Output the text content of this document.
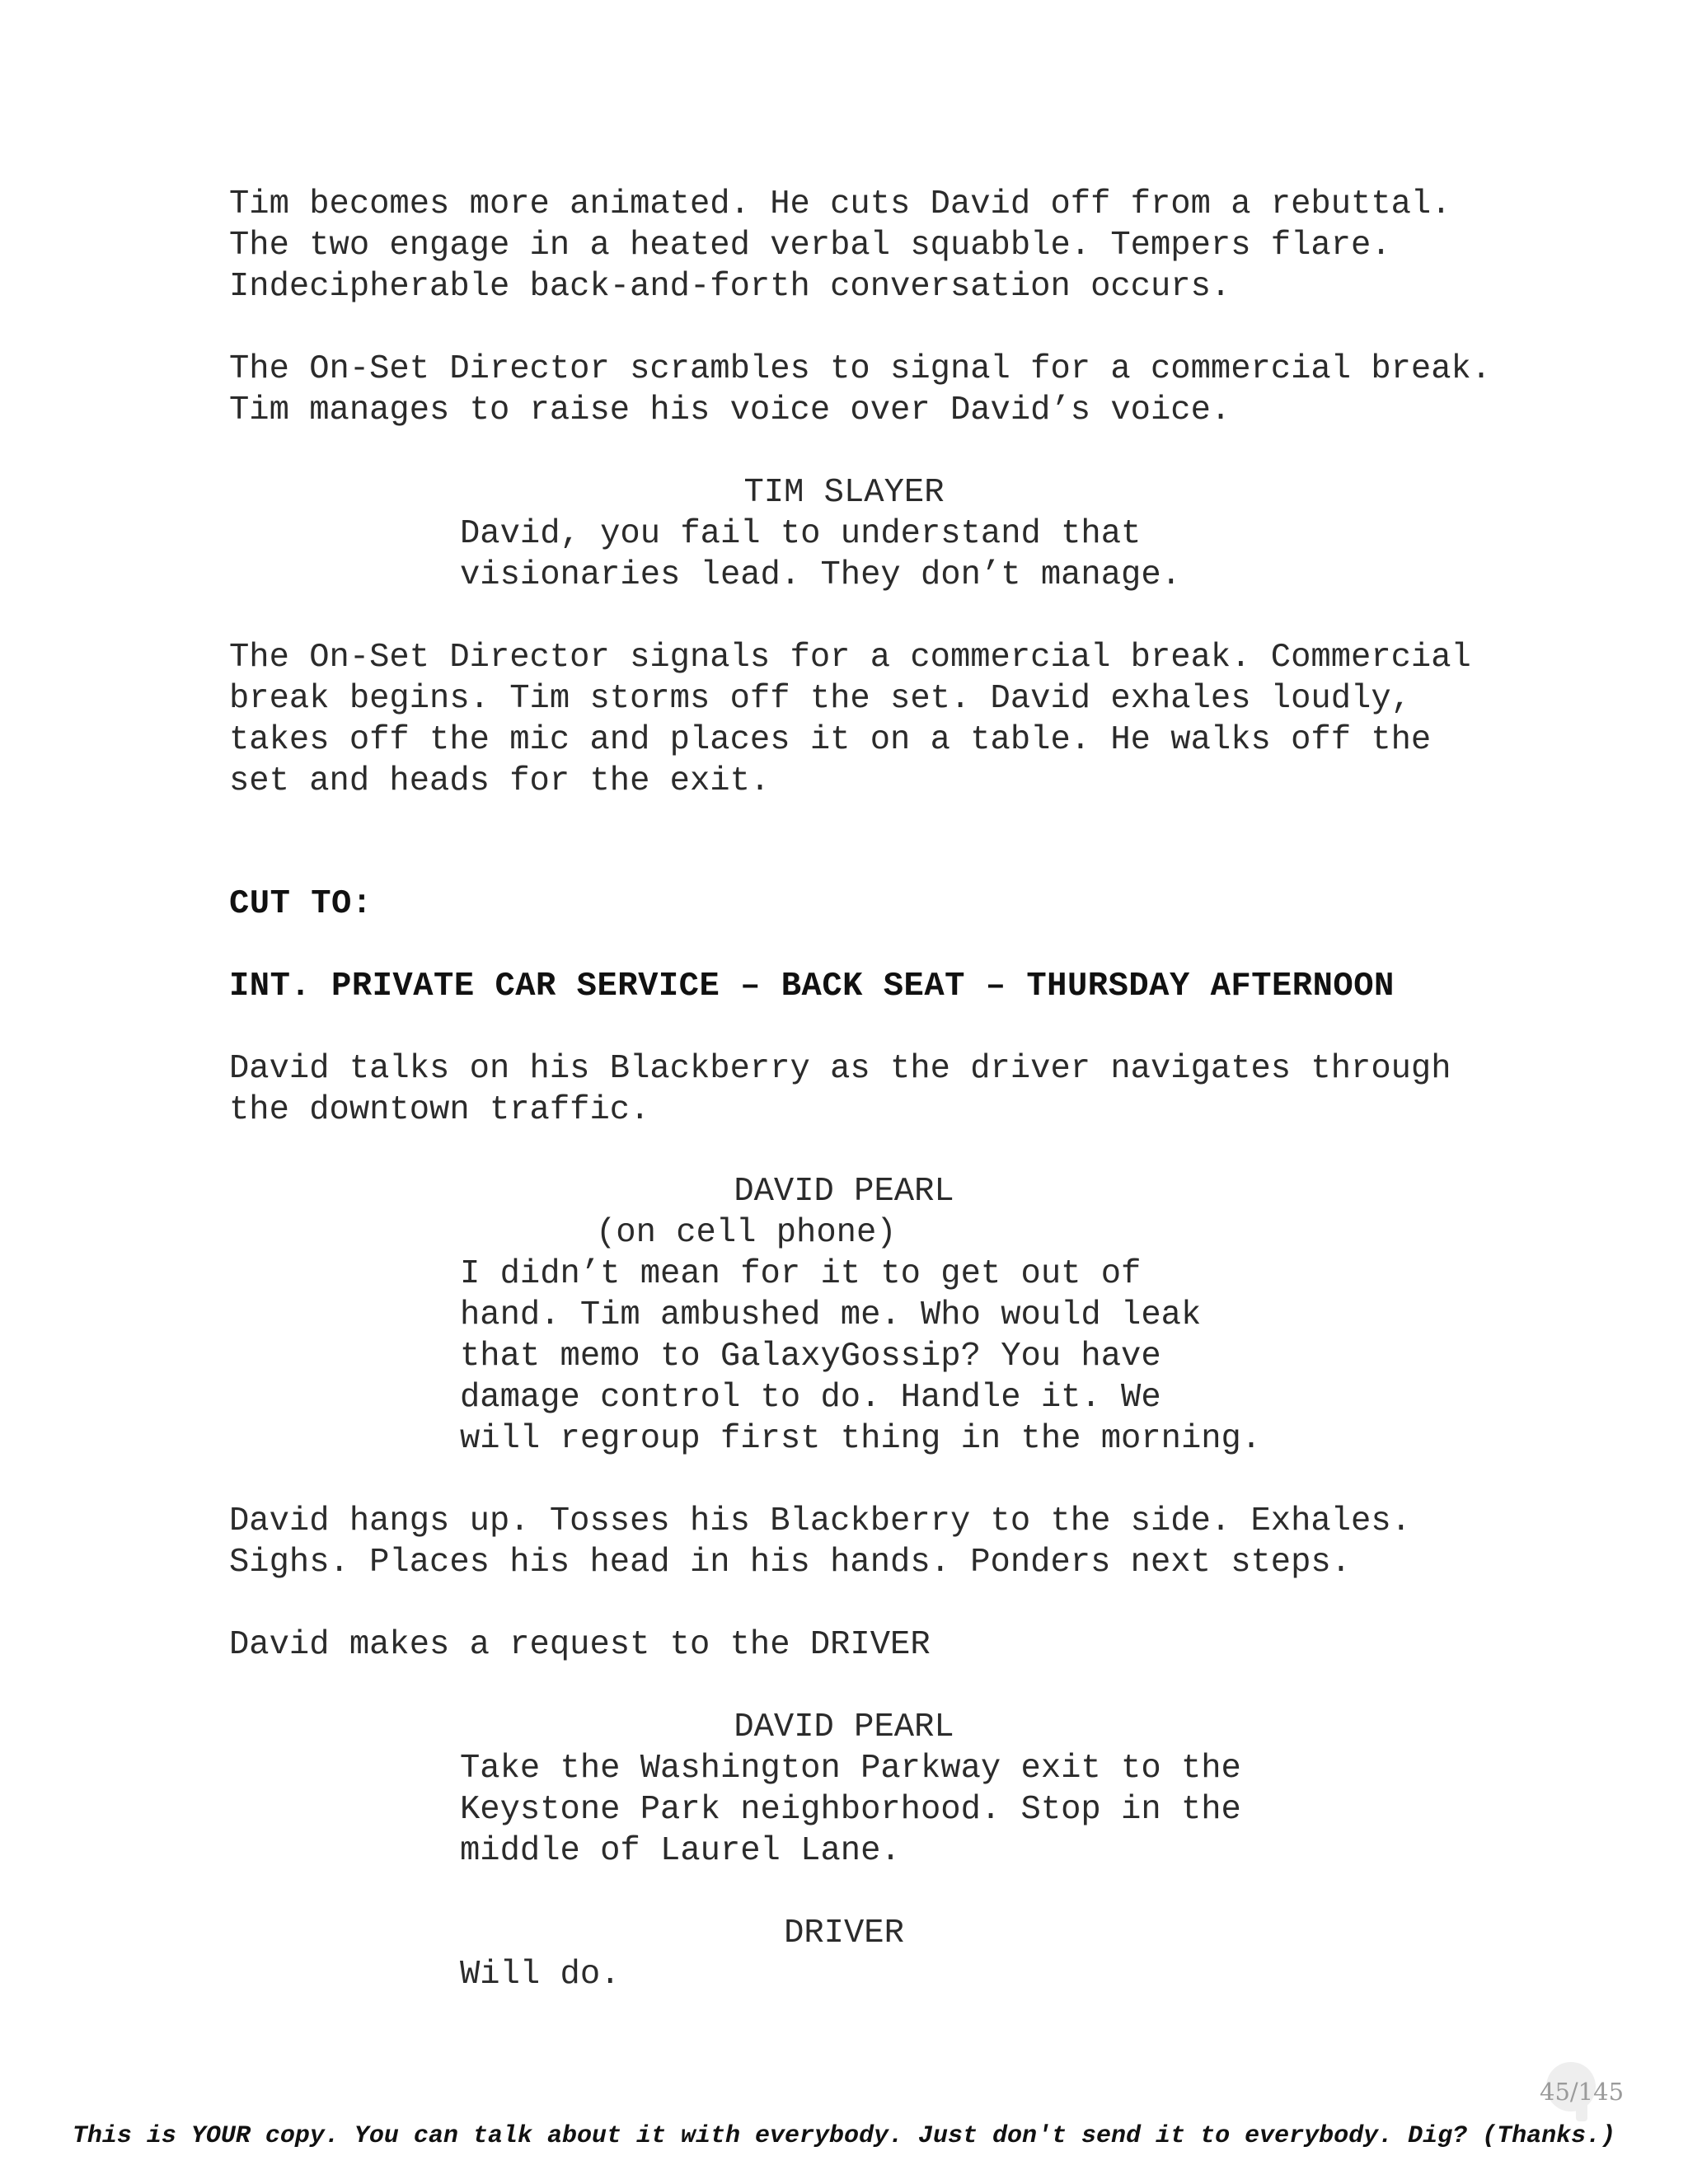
Tim becomes more animated. He cuts David off from a rebuttal.

The two engage in a heated verbal squabble. Tempers flare.

Indecipherable back-and-forth conversation occurs.

The On-Set Director scrambles to signal for a commercial break.

Tim manages to raise his voice over David’s voice.

TIM SLAYER

David, you fail to understand that

visionaries lead. They don’t manage.

The On-Set Director signals for a commercial break. Commercial

break begins. Tim storms off the set. David exhales loudly,

takes off the mic and places it on a table. He walks off the

set and heads for the exit.

CUT TO:

INT. PRIVATE CAR SERVICE – BACK SEAT – THURSDAY AFTERNOON

David talks on his Blackberry as the driver navigates through

the downtown traffic.

DAVID PEARL

(on cell phone)

I didn’t mean for it to get out of

hand. Tim ambushed me. Who would leak

that memo to GalaxyGossip? You have

damage control to do. Handle it. We

will regroup first thing in the morning.

David hangs up. Tosses his Blackberry to the side. Exhales.

Sighs. Places his head in his hands. Ponders next steps.

David makes a request to the DRIVER

DAVID PEARL

Take the Washington Parkway exit to the

Keystone Park neighborhood. Stop in the

middle of Laurel Lane.

DRIVER

Will do.

45/145
This is YOUR copy. You can talk about it with everybody. Just don't send it to everybody. Dig? (Thanks.)
